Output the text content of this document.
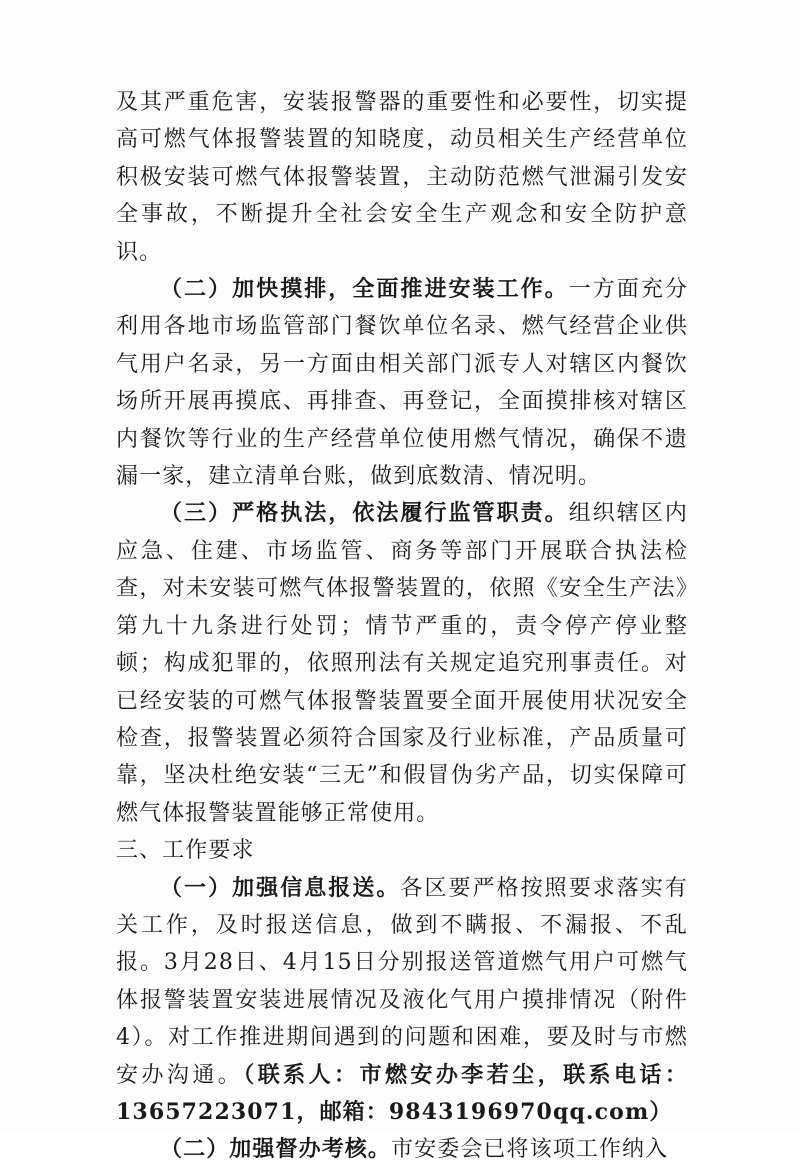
及其严重危害，安装报警器的重要性和必要性，切实提高可燃气体报警装置的知晓度，动员相关生产经营单位积极安装可燃气体报警装置，主动防范燃气泄漏引发安全事故，不断提升全社会安全生产观念和安全防护意识。

（二）加快摸排，全面推进安装工作。一方面充分利用各地市场监管部门餐饮单位名录、燃气经营企业供气用户名录，另一方面由相关部门派专人对辖区内餐饮场所开展再摸底、再排查、再登记，全面摸排核对辖区内餐饮等行业的生产经营单位使用燃气情况，确保不遗漏一家，建立清单台账，做到底数清、情况明。

（三）严格执法，依法履行监管职责。组织辖区内应急、住建、市场监管、商务等部门开展联合执法检查，对未安装可燃气体报警装置的，依照《安全生产法》第九十九条进行处罚；情节严重的，责令停产停业整顿；构成犯罪的，依照刑法有关规定追究刑事责任。对已经安装的可燃气体报警装置要全面开展使用状况安全检查，报警装置必须符合国家及行业标准，产品质量可靠，坚决杜绝安装“三无”和假冒伪劣产品，切实保障可燃气体报警装置能够正常使用。

三、工作要求

（一）加强信息报送。各区要严格按照要求落实有关工作，及时报送信息，做到不瞒报、不漏报、不乱报。3月28日、4月15日分别报送管道燃气用户可燃气体报警装置安装进展情况及液化气用户摸排情况（附件4）。对工作推进期间遇到的问题和困难，要及时与市燃安办沟通。（联系人：市燃安办李若尘，联系电话：13657223071，邮箱：9843196970qq.com）

（二）加强督办考核。市安委会已将该项工作纳入
